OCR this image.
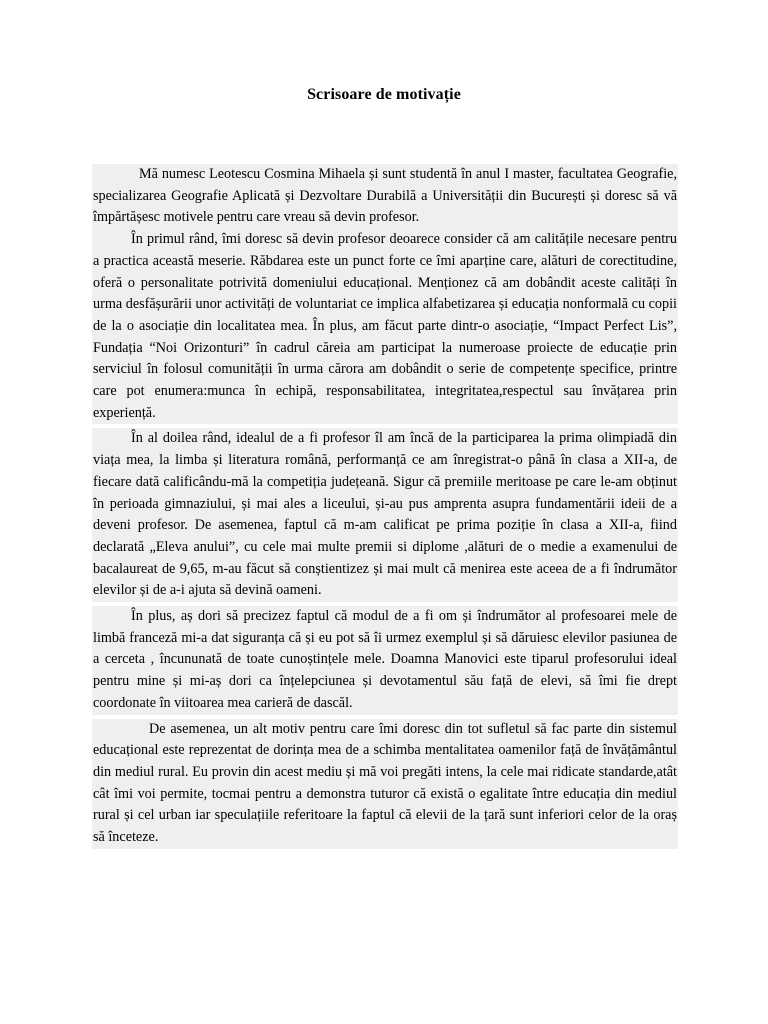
Scrisoare de motivație

Mă numesc Leotescu Cosmina Mihaela și sunt studentă în anul I master, facultatea Geografie, specializarea Geografie Aplicată și Dezvoltare Durabilă a Universității din București și doresc să vă împărtășesc motivele pentru care vreau să devin profesor.

În primul rând, îmi doresc să devin profesor deoarece consider că am calitățile necesare pentru a practica această meserie. Răbdarea este un punct forte ce îmi aparține care, alături de corectitudine, oferă o personalitate potrivită domeniului educațional. Menționez că am dobândit aceste calități în urma desfășurării unor activități de voluntariat ce implica alfabetizarea și educația nonformală cu copii de la o asociație din localitatea mea. În plus, am făcut parte dintr-o asociație, “Impact Perfect Lis”, Fundația “Noi Orizonturi” în cadrul căreia am participat la numeroase proiecte de educație prin serviciul în folosul comunității în urma cărora am dobândit o serie de competențe specifice, printre care pot enumera:munca în echipă, responsabilitatea, integritatea,respectul sau învățarea prin experiență.

În al doilea rând, idealul de a fi profesor îl am încă de la participarea la prima olimpiadă din viața mea, la limba și literatura română, performanță ce am înregistrat-o până în clasa a XII-a, de fiecare dată calificându-mă la competiția județeană. Sigur că premiile meritoase pe care le-am obținut în perioada gimnaziului, și mai ales a liceului, și-au pus amprenta asupra fundamentării ideii de a deveni profesor. De asemenea, faptul că m-am calificat pe prima poziție în clasa a XII-a, fiind declarată „Eleva anului”, cu cele mai multe premii si diplome ,alături de o medie a examenului de bacalaureat de 9,65, m-au făcut să conștientizez și mai mult că menirea este aceea de a fi îndrumător elevilor și de a-i ajuta să devină oameni.

În plus, aș dori să precizez faptul că modul de a fi om și îndrumător al profesoarei mele de limbă franceză mi-a dat siguranța că și eu pot să îi urmez exemplul și să dăruiesc elevilor pasiunea de a cerceta , încununată de toate cunoștințele mele. Doamna Manovici este tiparul profesorului ideal pentru mine și mi-aș dori ca înțelepciunea și devotamentul său față de elevi, să îmi fie drept coordonate în viitoarea mea carieră de dascăl.

De asemenea, un alt motiv pentru care îmi doresc din tot sufletul să fac parte din sistemul educațional este reprezentat de dorința mea de a schimba mentalitatea oamenilor față de învățământul din mediul rural. Eu provin din acest mediu și mă voi pregăti intens, la cele mai ridicate standarde,atât cât îmi voi permite, tocmai pentru a demonstra tuturor că există o egalitate între educația din mediul rural și cel urban iar speculațiile referitoare la faptul că elevii de la țară sunt inferiori celor de la oraș să înceteze.
